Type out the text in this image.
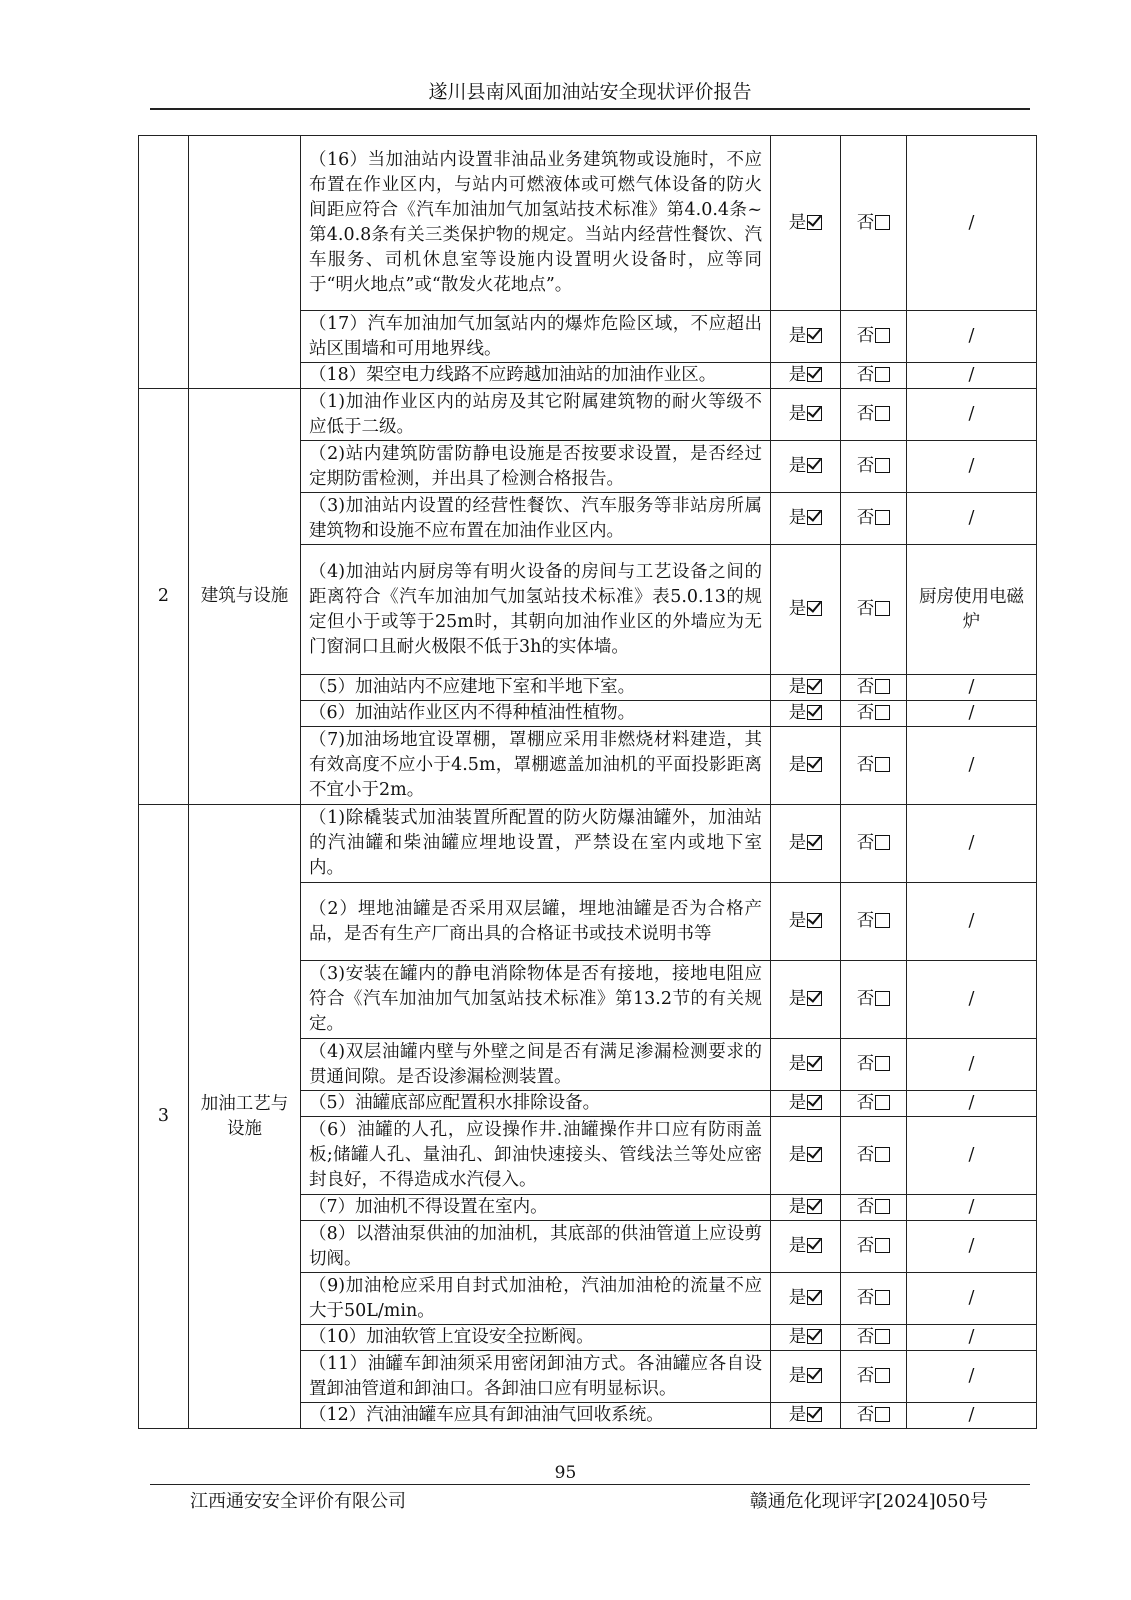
遂川县南风面加油站安全现状评价报告
		（16）当加油站内设置非油品业务建筑物或设施时，不应布置在作业区内，与站内可燃液体或可燃气体设备的防火间距应符合《汽车加油加气加氢站技术标准》第4.0.4条~第4.0.8条有关三类保护物的规定。当站内经营性餐饮、汽车服务、司机休息室等设施内设置明火设备时，应等同于“明火地点”或“散发火花地点”。	是	否	/
		（17）汽车加油加气加氢站内的爆炸危险区域，不应超出站区围墙和可用地界线。	是	否	/
		（18）架空电力线路不应跨越加油站的加油作业区。	是	否	/
2	建筑与设施	（1)加油作业区内的站房及其它附属建筑物的耐火等级不应低于二级。	是	否	/
		（2)站内建筑防雷防静电设施是否按要求设置，是否经过定期防雷检测，并出具了检测合格报告。	是	否	/
		（3)加油站内设置的经营性餐饮、汽车服务等非站房所属建筑物和设施不应布置在加油作业区内。	是	否	/
		（4)加油站内厨房等有明火设备的房间与工艺设备之间的距离符合《汽车加油加气加氢站技术标准》表5.0.13的规定但小于或等于25m时，其朝向加油作业区的外墙应为无门窗洞口且耐火极限不低于3h的实体墙。	是	否	厨房使用电磁炉
		（5）加油站内不应建地下室和半地下室。	是	否	/
		（6）加油站作业区内不得种植油性植物。	是	否	/
		（7)加油场地宜设罩棚，罩棚应采用非燃烧材料建造，其有效高度不应小于4.5m，罩棚遮盖加油机的平面投影距离不宜小于2m。	是	否	/
3	加油工艺与设施	（1)除橇装式加油装置所配置的防火防爆油罐外，加油站的汽油罐和柴油罐应埋地设置，严禁设在室内或地下室内。	是	否	/
		（2）埋地油罐是否采用双层罐，埋地油罐是否为合格产品，是否有生产厂商出具的合格证书或技术说明书等	是	否	/
		（3)安装在罐内的静电消除物体是否有接地，接地电阻应符合《汽车加油加气加氢站技术标准》第13.2节的有关规定。	是	否	/
		（4)双层油罐内壁与外壁之间是否有满足渗漏检测要求的贯通间隙。是否设渗漏检测装置。	是	否	/
		（5）油罐底部应配置积水排除设备。	是	否	/
		（6）油罐的人孔，应设操作井.油罐操作井口应有防雨盖板;储罐人孔、量油孔、卸油快速接头、管线法兰等处应密封良好，不得造成水汽侵入。	是	否	/
		（7）加油机不得设置在室内。	是	否	/
		（8）以潜油泵供油的加油机，其底部的供油管道上应设剪切阀。	是	否	/
		（9)加油枪应采用自封式加油枪，汽油加油枪的流量不应大于50L/min。	是	否	/
		（10）加油软管上宜设安全拉断阀。	是	否	/
		（11）油罐车卸油须采用密闭卸油方式。各油罐应各自设置卸油管道和卸油口。各卸油口应有明显标识。	是	否	/
		（12）汽油油罐车应具有卸油油气回收系统。	是	否	/
95
江西通安安全评价有限公司	赣通危化现评字[2024]050号
